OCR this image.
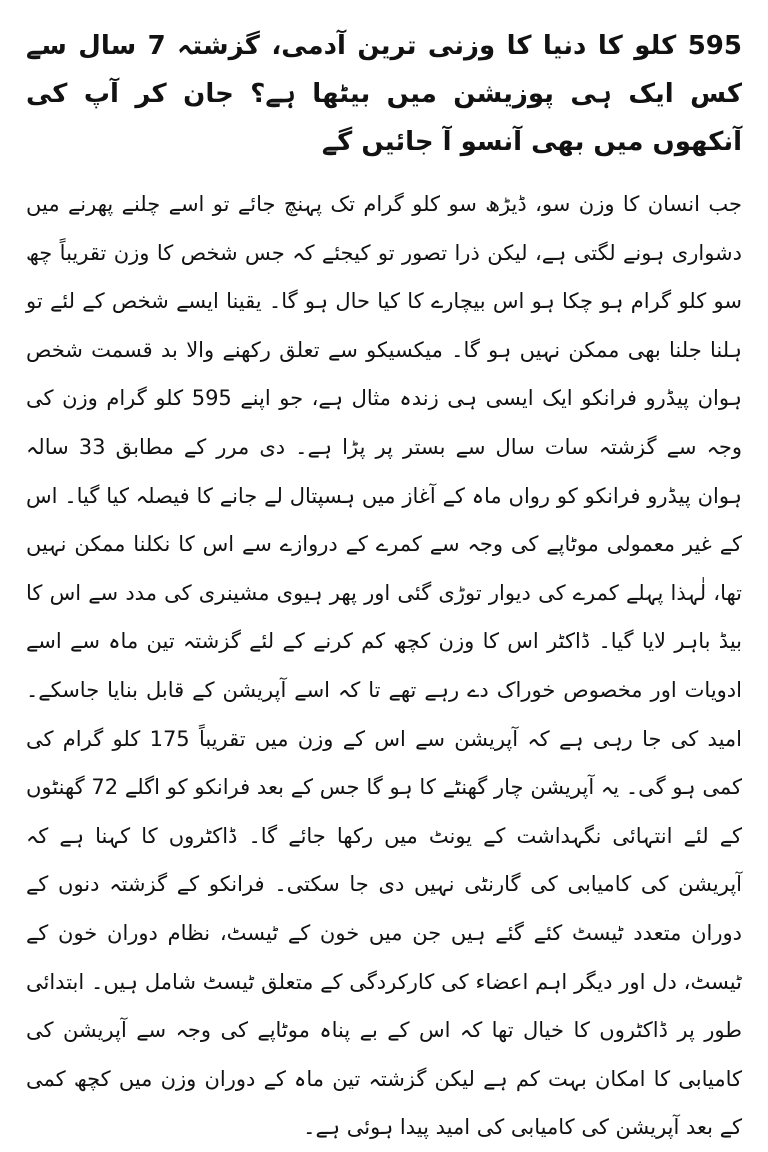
595 کلو کا دنیا کا وزنی ترین آدمی، گزشتہ 7 سال سے کس ایک ہی پوزیشن میں بیٹھا ہے؟ جان کر آپ کی آنکھوں میں بھی آنسو آ جائیں گے

جب انسان کا وزن سو، ڈیڑھ سو کلو گرام تک پہنچ جائے تو اسے چلنے پھرنے میں دشواری ہونے لگتی ہے، لیکن ذرا تصور تو کیجئے کہ جس شخص کا وزن تقریباً چھ سو کلو گرام ہو چکا ہو اس بیچارے کا کیا حال ہو گا۔ یقینا ایسے شخص کے لئے تو ہلنا جلنا بھی ممکن نہیں ہو گا۔ میکسیکو سے تعلق رکھنے والا بد قسمت شخص ہوان پیڈرو فرانکو ایک ایسی ہی زندہ مثال ہے، جو اپنے 595 کلو گرام وزن کی وجہ سے گزشتہ سات سال سے بستر پر پڑا ہے۔ دی مرر کے مطابق 33 سالہ ہوان پیڈرو فرانکو کو رواں ماہ کے آغاز میں ہسپتال لے جانے کا فیصلہ کیا گیا۔ اس کے غیر معمولی موٹاپے کی وجہ سے کمرے کے دروازے سے اس کا نکلنا ممکن نہیں تھا، لٰہذا پہلے کمرے کی دیوار توڑی گئی اور پھر ہیوی مشینری کی مدد سے اس کا بیڈ باہر لایا گیا۔ ڈاکٹر اس کا وزن کچھ کم کرنے کے لئے گزشتہ تین ماہ سے اسے ادویات اور مخصوص خوراک دے رہے تھے تا کہ اسے آپریشن کے قابل بنایا جاسکے۔ امید کی جا رہی ہے کہ آپریشن سے اس کے وزن میں تقریباً 175 کلو گرام کی کمی ہو گی۔ یہ آپریشن چار گھنٹے کا ہو گا جس کے بعد فرانکو کو اگلے 72 گھنٹوں کے لئے انتہائی نگہداشت کے یونٹ میں رکھا جائے گا۔ ڈاکٹروں کا کہنا ہے کہ آپریشن کی کامیابی کی گارنٹی نہیں دی جا سکتی۔ فرانکو کے گزشتہ دنوں کے دوران متعدد ٹیسٹ کئے گئے ہیں جن میں خون کے ٹیسٹ، نظام دوران خون کے ٹیسٹ، دل اور دیگر اہم اعضاء کی کارکردگی کے متعلق ٹیسٹ شامل ہیں۔ ابتدائی طور پر ڈاکٹروں کا خیال تھا کہ اس کے بے پناہ موٹاپے کی وجہ سے آپریشن کی کامیابی کا امکان بہت کم ہے لیکن گزشتہ تین ماہ کے دوران وزن میں کچھ کمی کے بعد آپریشن کی کامیابی کی امید پیدا ہوئی ہے۔
